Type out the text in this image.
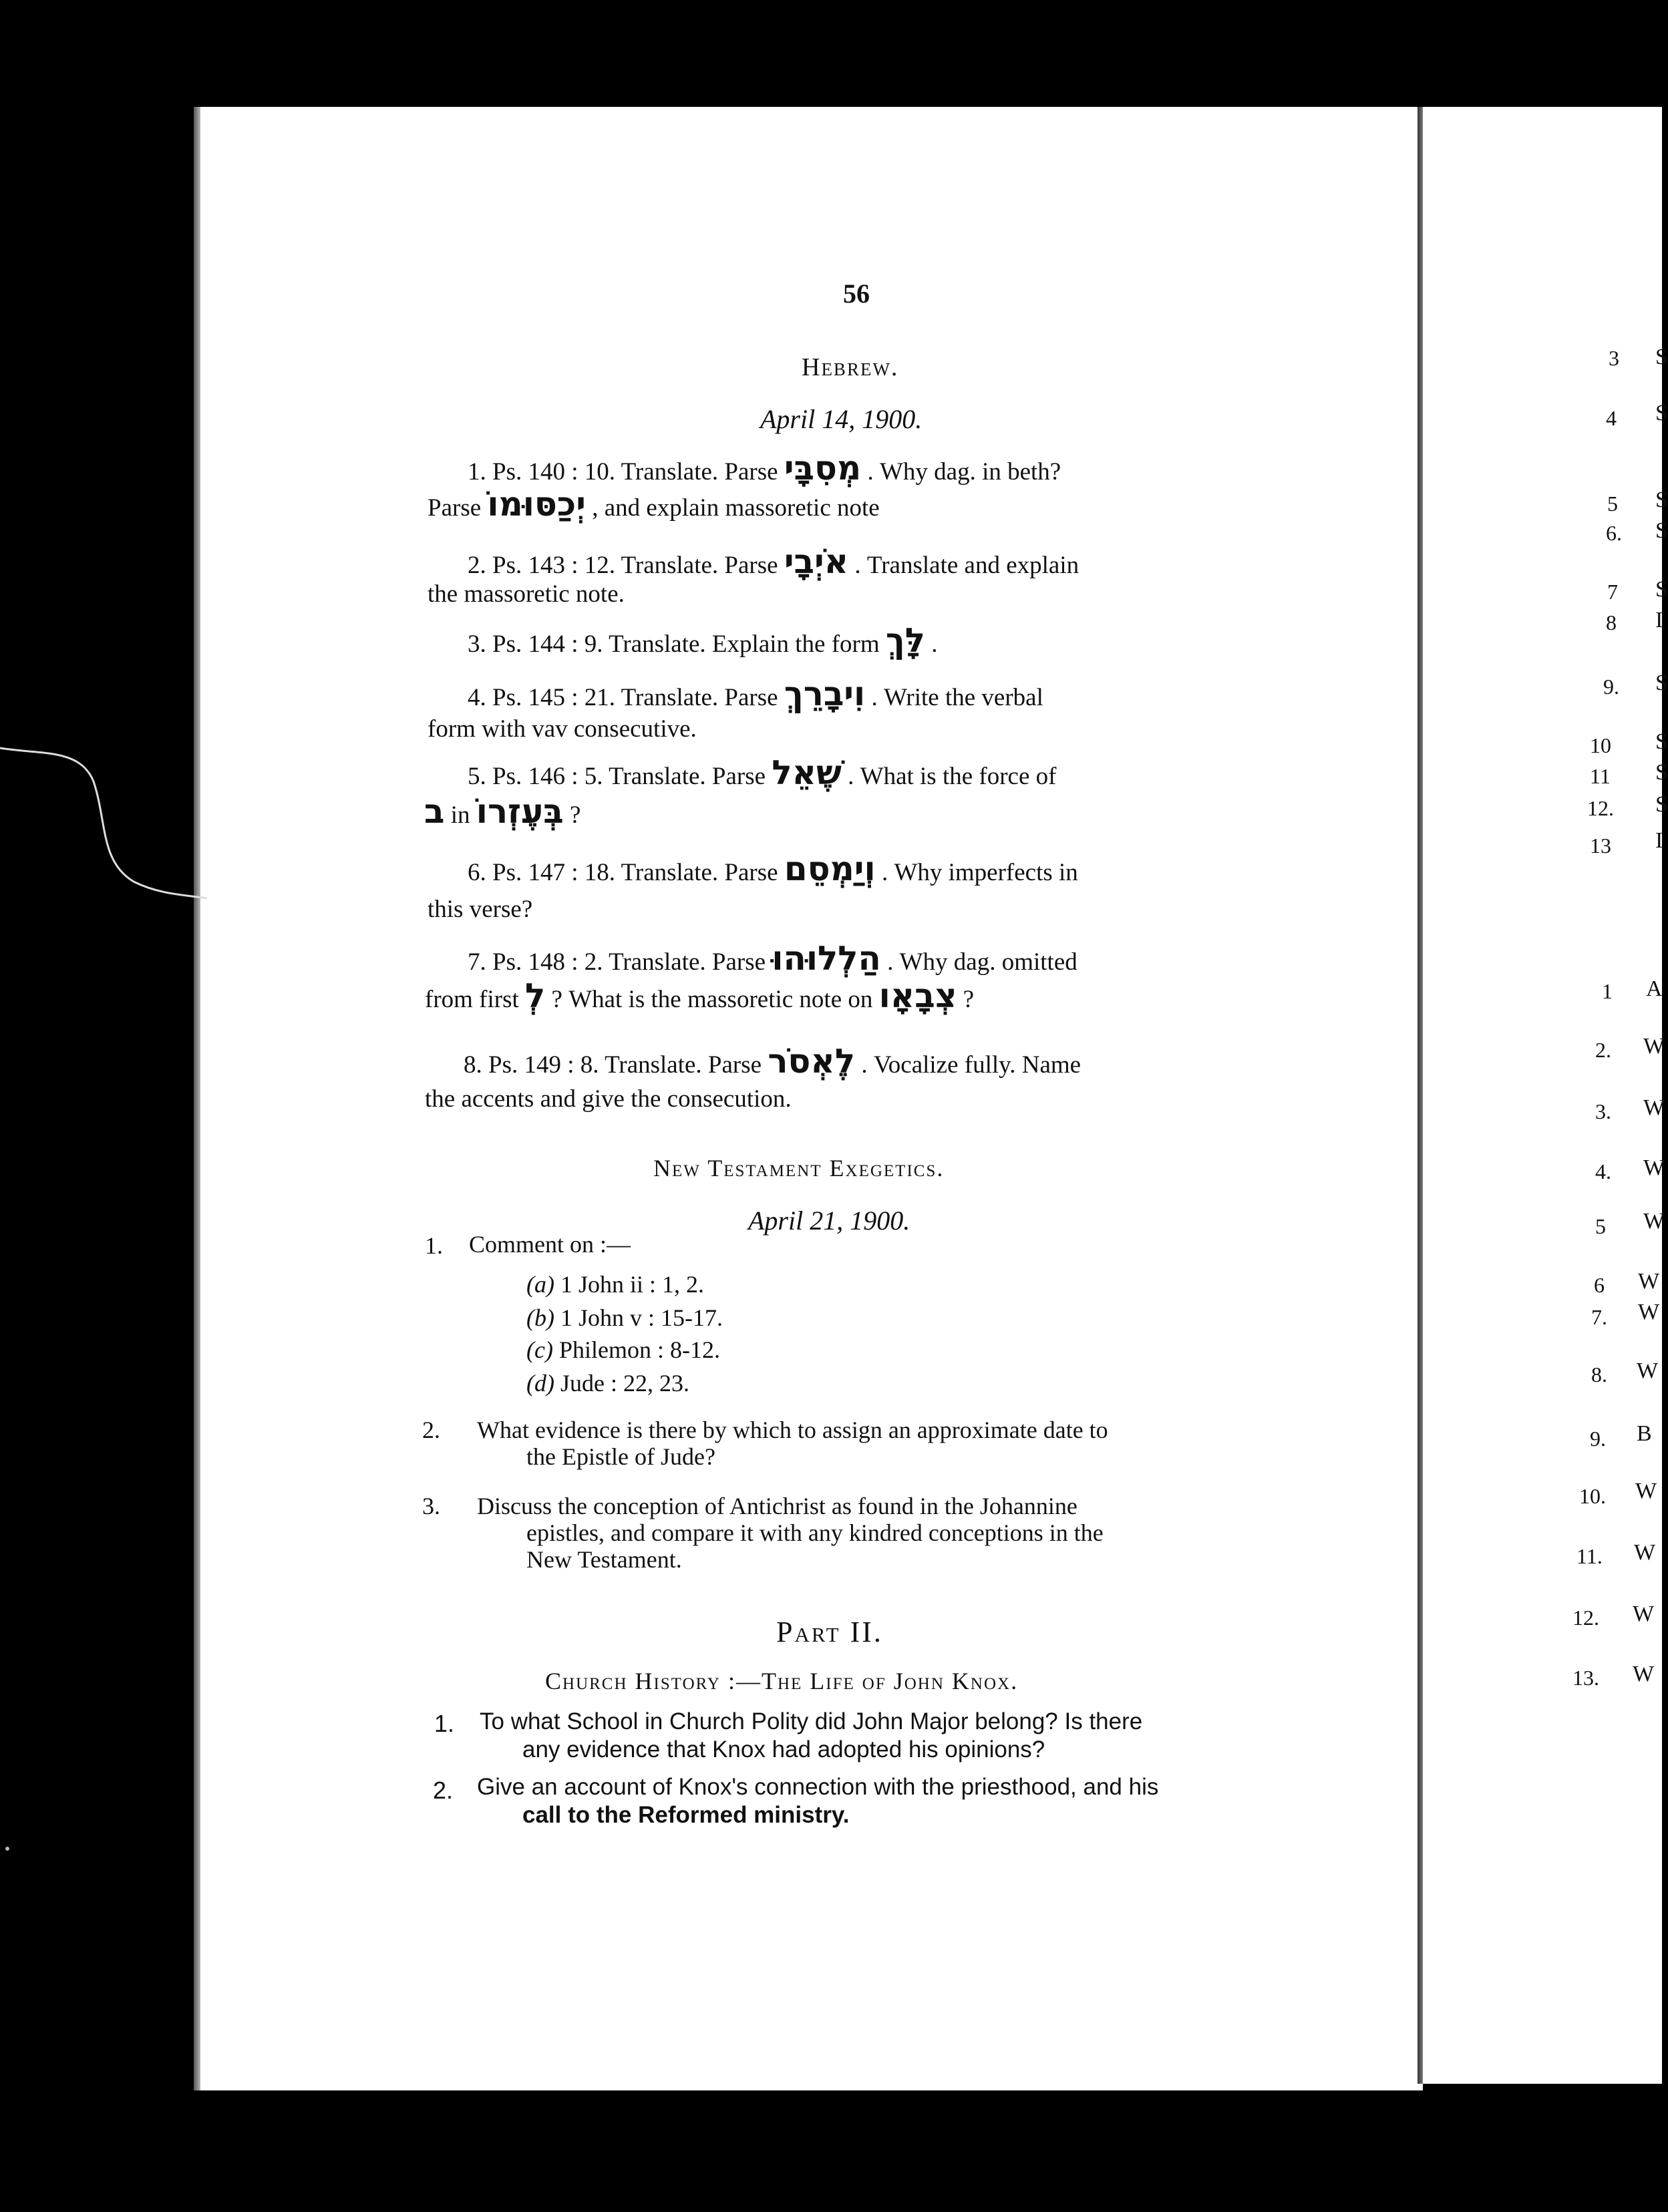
56
Hebrew.
April 14, 1900.
1. Ps. 140 : 10. Translate. Parse מְסִבָּי . Why dag. in beth?
Parse יְכַסּוּמוֹ , and explain massoretic note
2. Ps. 143 : 12. Translate. Parse אֹיְבָי . Translate and explain
the massoretic note.
3. Ps. 144 : 9. Translate. Explain the form לָּךְ .
4. Ps. 145 : 21. Translate. Parse וִיבָרֵךְ . Write the verbal
form with vav consecutive.
5. Ps. 146 : 5. Translate. Parse שֶׁאֵל . What is the force of
ב in בְּעֶזְרוֹ ?
6. Ps. 147 : 18. Translate. Parse וְיַמְסֵם . Why imperfects in
this verse?
7. Ps. 148 : 2. Translate. Parse הַלְלוּהוּ . Why dag. omitted
from first לְ ? What is the massoretic note on צְבָאָו ?
8. Ps. 149 : 8. Translate. Parse לֶאְסֹר . Vocalize fully. Name
the accents and give the consecution.
New Testament Exegetics.
April 21, 1900.
1. Comment on :—
(a) 1 John ii : 1, 2.
(b) 1 John v : 15-17.
(c) Philemon : 8-12.
(d) Jude : 22, 23.
2. What evidence is there by which to assign an approximate date to
the Epistle of Jude?
3. Discuss the conception of Antichrist as found in the Johannine
epistles, and compare it with any kindred conceptions in the
New Testament.
Part II.
Church History :—The Life of John Knox.
1. To what School in Church Polity did John Major belong? Is there
any evidence that Knox had adopted his opinions?
2. Give an account of Knox's connection with the priesthood, and his
call to the Reformed ministry.
3 S
4 S
5 S
6. S
7 S
8 I
9. S
10 S
11 S
12. S
13 I
1 A
2. W
3. W
4. W
5 W
6 W
7. W
8. W
9. B
10. W
11. W
12. W
13. W
